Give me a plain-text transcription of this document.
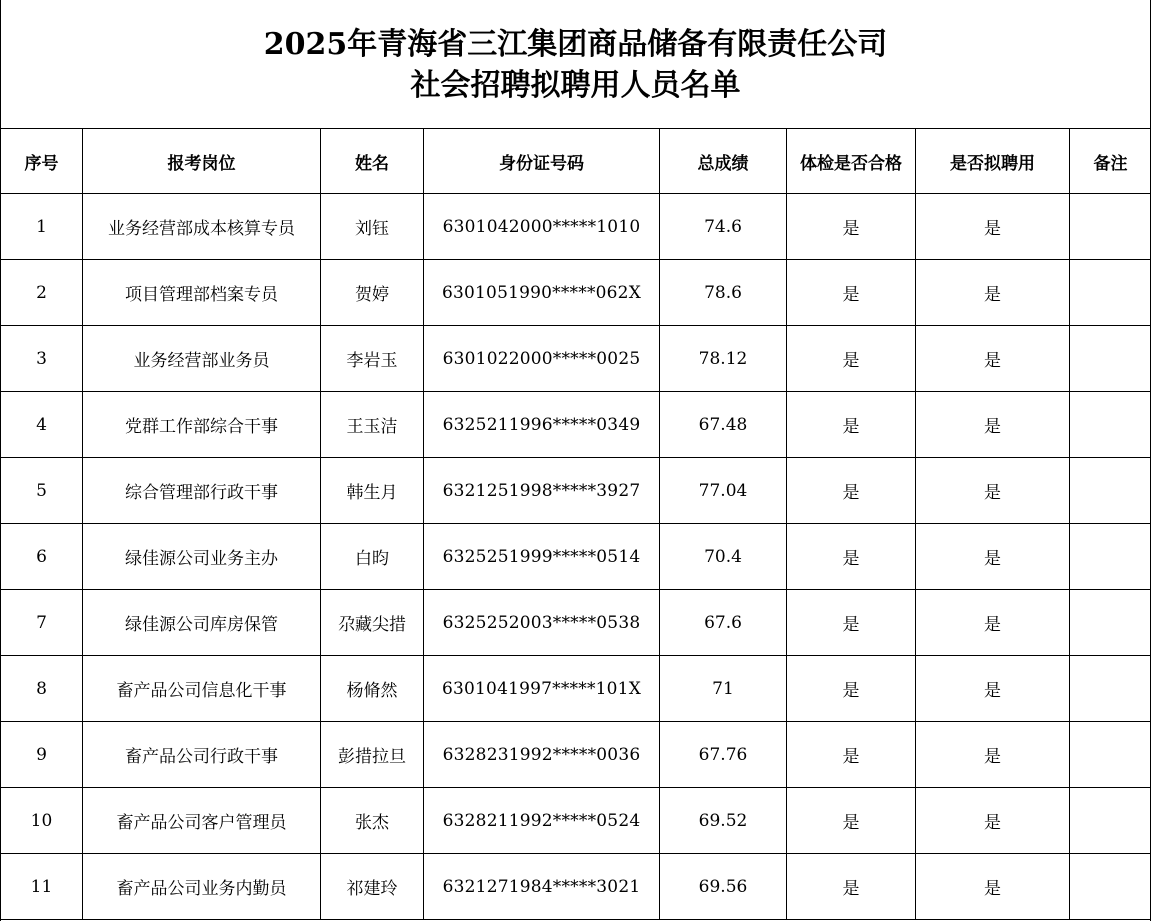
2025年青海省三江集团商品储备有限责任公司
社会招聘拟聘用人员名单
序号	报考岗位	姓名	身份证号码	总成绩	体检是否合格	是否拟聘用	备注
1	业务经营部成本核算专员	刘钰	6301042000*****1010	74.6	是	是	
2	项目管理部档案专员	贺婷	6301051990*****062X	78.6	是	是	
3	业务经营部业务员	李岩玉	6301022000*****0025	78.12	是	是	
4	党群工作部综合干事	王玉洁	6325211996*****0349	67.48	是	是	
5	综合管理部行政干事	韩生月	6321251998*****3927	77.04	是	是	
6	绿佳源公司业务主办	白昀	6325251999*****0514	70.4	是	是	
7	绿佳源公司库房保管	尕藏尖措	6325252003*****0538	67.6	是	是	
8	畜产品公司信息化干事	杨脩然	6301041997*****101X	71	是	是	
9	畜产品公司行政干事	彭措拉旦	6328231992*****0036	67.76	是	是	
10	畜产品公司客户管理员	张杰	6328211992*****0524	69.52	是	是	
11	畜产品公司业务内勤员	祁建玲	6321271984*****3021	69.56	是	是	
